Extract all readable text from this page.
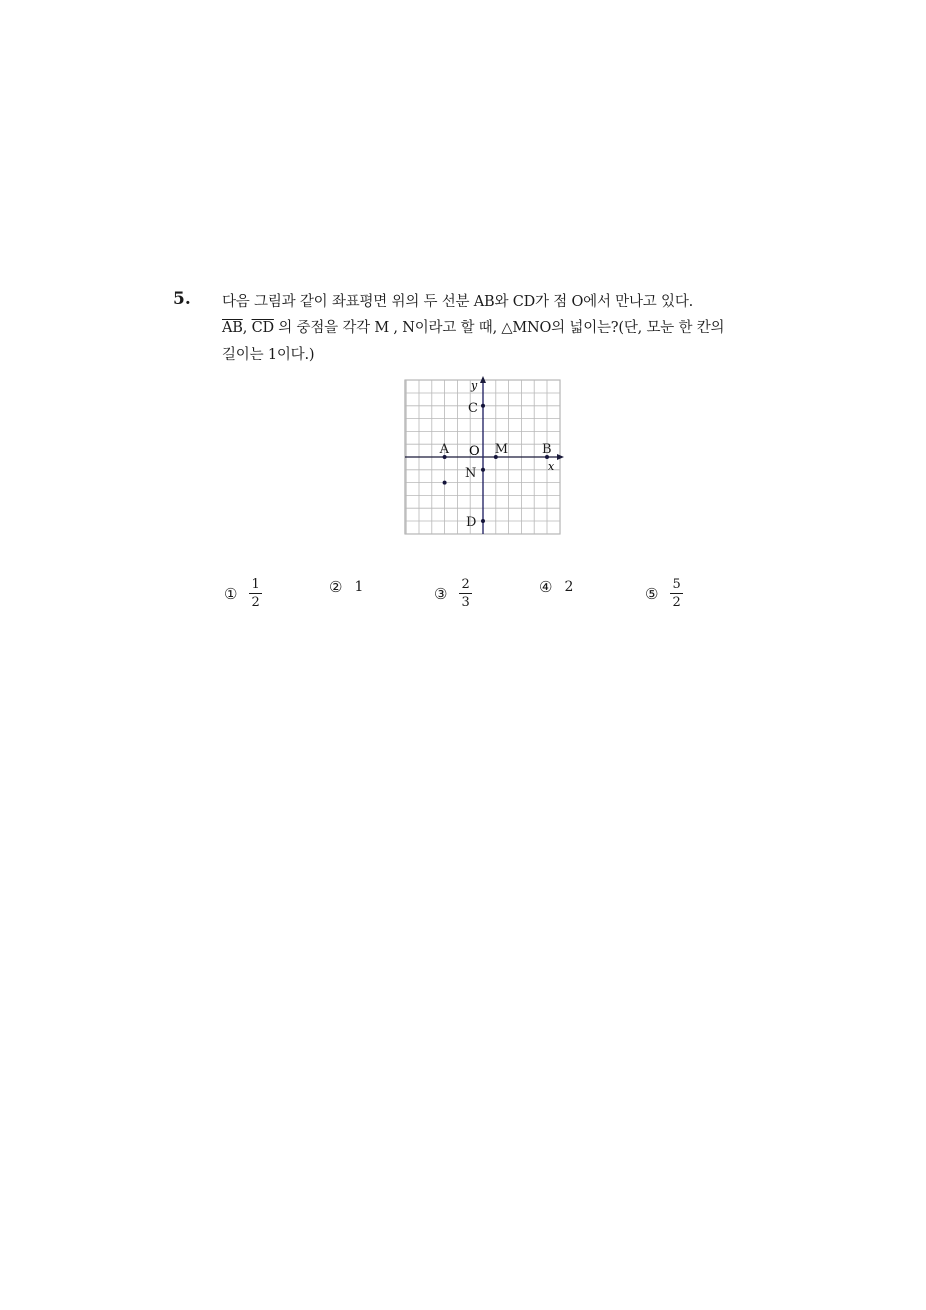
5. 다음 그림과 같이 좌표평면 위의 두 선분 AB와 CD가 점 O에서 만나고 있다.
$\overline{AB}$, $\overline{CD}$ 의 중점을 각각 M , N이라고 할 때, △MNO의 넓이는?(단, 모눈 한 칸의
길이는 1이다.)
x
y
O
A	B
C
D
M
N
① $\frac{1}{2}$	② 1	③ $\frac{2}{3}$	④ 2	⑤ $\frac{5}{2}$
